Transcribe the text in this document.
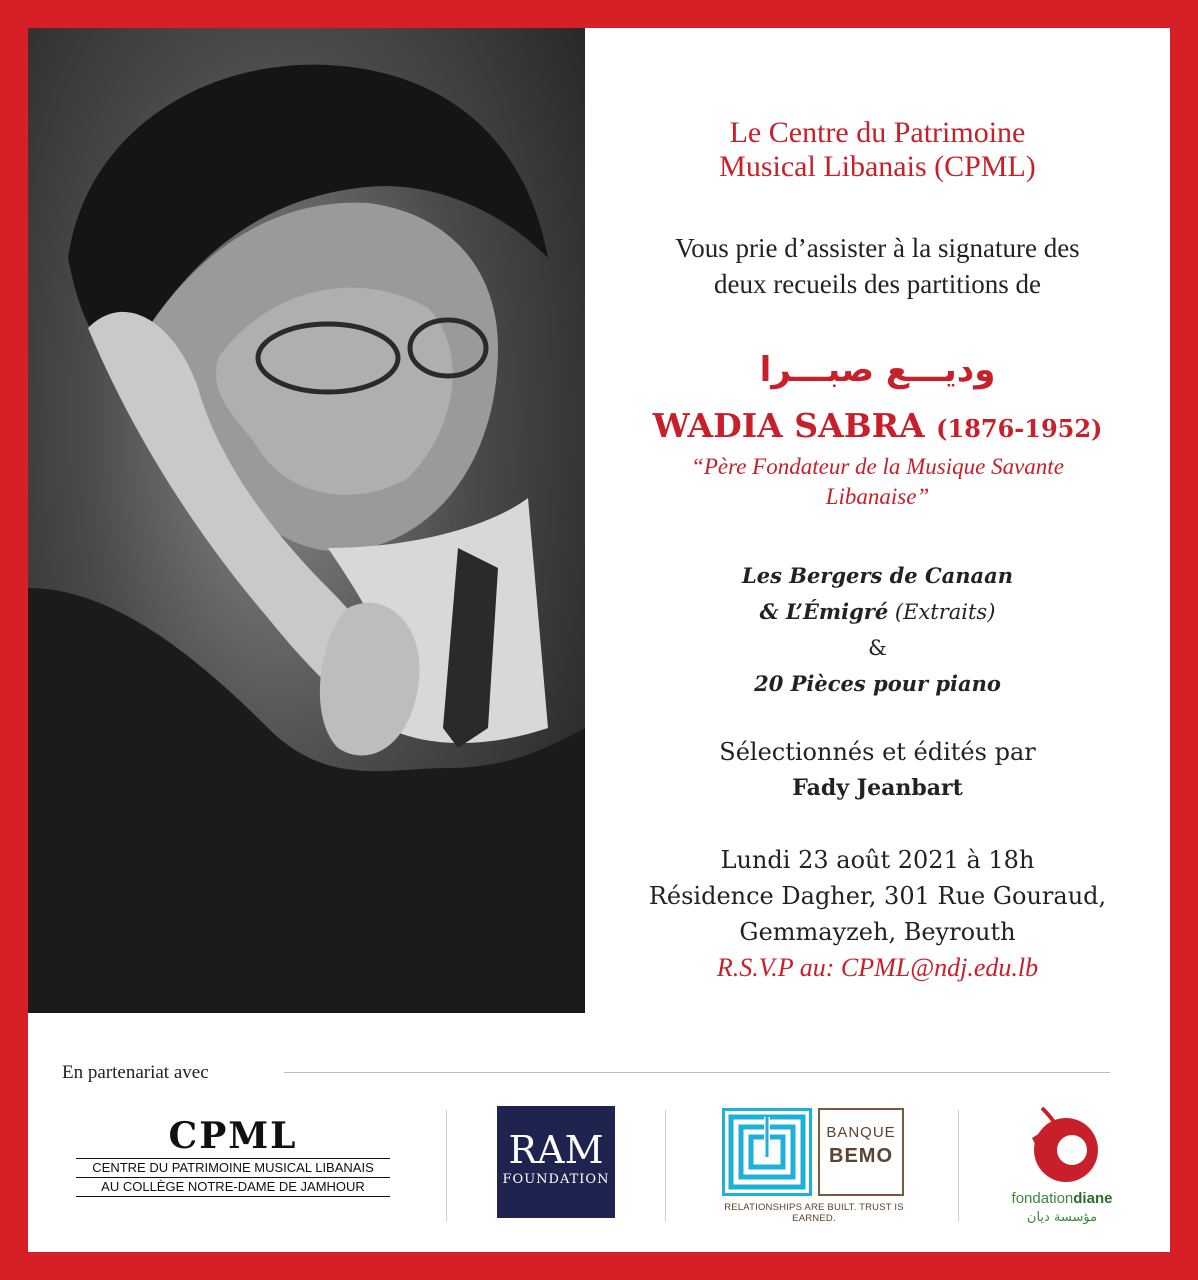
Le Centre du Patrimoine
Musical Libanais (CPML)
Vous prie d’assister à la signature des
deux recueils des partitions de
وديـــع صبـــرا
WADIA SABRA (1876-1952)
“Père Fondateur de la Musique Savante
Libanaise”
Les Bergers de Canaan
& L’Émigré (Extraits)
&
20 Pièces pour piano
Sélectionnés et édités par
Fady Jeanbart
Lundi 23 août 2021 à 18h
Résidence Dagher, 301 Rue Gouraud,
Gemmayzeh, Beyrouth
R.S.V.P au: CPML@ndj.edu.lb
En partenariat avec
CPML
CENTRE DU PATRIMOINE MUSICAL LIBANAIS
AU COLLÈGE NOTRE-DAME DE JAMHOUR
RAM
FOUNDATION
BANQUE
BEMO
RELATIONSHIPS ARE BUILT. TRUST IS EARNED.
fondationdiane
مؤسسة ديان
